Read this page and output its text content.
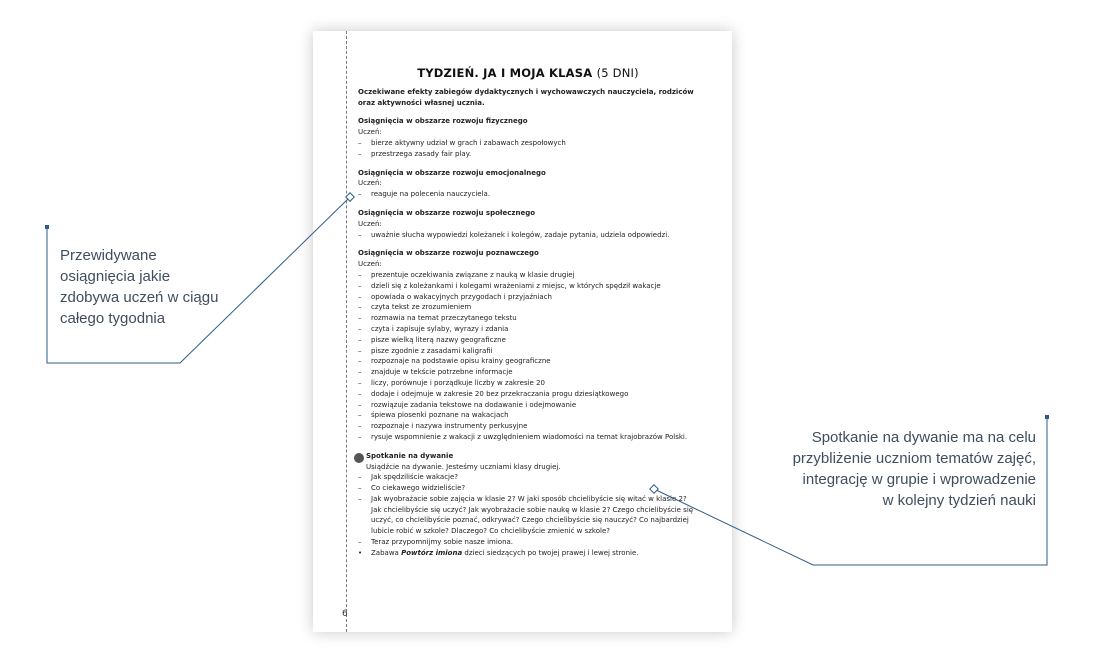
TYDZIEŃ. JA I MOJA KLASA (5 DNI)
Oczekiwane efekty zabiegów dydaktycznych i wychowawczych nauczyciela, rodziców oraz aktywności własnej ucznia.
Osiągnięcia w obszarze rozwoju fizycznego
Uczeń:
– bierze aktywny udział w grach i zabawach zespołowych
– przestrzega zasady fair play.
Osiągnięcia w obszarze rozwoju emocjonalnego
Uczeń:
– reaguje na polecenia nauczyciela.
Osiągnięcia w obszarze rozwoju społecznego
Uczeń:
– uważnie słucha wypowiedzi koleżanek i kolegów, zadaje pytania, udziela odpowiedzi.
Osiągnięcia w obszarze rozwoju poznawczego
Uczeń:
– prezentuje oczekiwania związane z nauką w klasie drugiej
– dzieli się z koleżankami i kolegami wrażeniami z miejsc, w których spędził wakacje
– opowiada o wakacyjnych przygodach i przyjaźniach
– czyta tekst ze zrozumieniem
– rozmawia na temat przeczytanego tekstu
– czyta i zapisuje sylaby, wyrazy i zdania
– pisze wielką literą nazwy geograficzne
– pisze zgodnie z zasadami kaligrafii
– rozpoznaje na podstawie opisu krainy geograficzne
– znajduje w tekście potrzebne informacje
– liczy, porównuje i porządkuje liczby w zakresie 20
– dodaje i odejmuje w zakresie 20 bez przekraczania progu dziesiątkowego
– rozwiązuje zadania tekstowe na dodawanie i odejmowanie
– śpiewa piosenki poznane na wakacjach
– rozpoznaje i nazywa instrumenty perkusyjne
– rysuje wspomnienie z wakacji z uwzględnieniem wiadomości na temat krajobrazów Polski.
Spotkanie na dywanie
Usiądźcie na dywanie. Jesteśmy uczniami klasy drugiej.
– Jak spędziliście wakacje?
– Co ciekawego widzieliście?
– Jak wyobrażacie sobie zajęcia w klasie 2? W jaki sposób chcielibyście się witać w klasie 2? Jak chcielibyście się uczyć? Jak wyobrażacie sobie naukę w klasie 2? Czego chcielibyście się uczyć, co chcielibyście poznać, odkrywać? Czego chcielibyście się nauczyć? Co najbardziej lubicie robić w szkole? Dlaczego? Co chcielibyście zmienić w szkole?
– Teraz przypomnijmy sobie nasze imiona.
• Zabawa Powtórz imiona dzieci siedzących po twojej prawej i lewej stronie.
6
Przewidywane osiągnięcia jakie zdobywa uczeń w ciągu całego tygodnia
Spotkanie na dywanie ma na celu przybliżenie uczniom tematów zajęć, integrację w grupie i wprowadzenie w kolejny tydzień nauki
